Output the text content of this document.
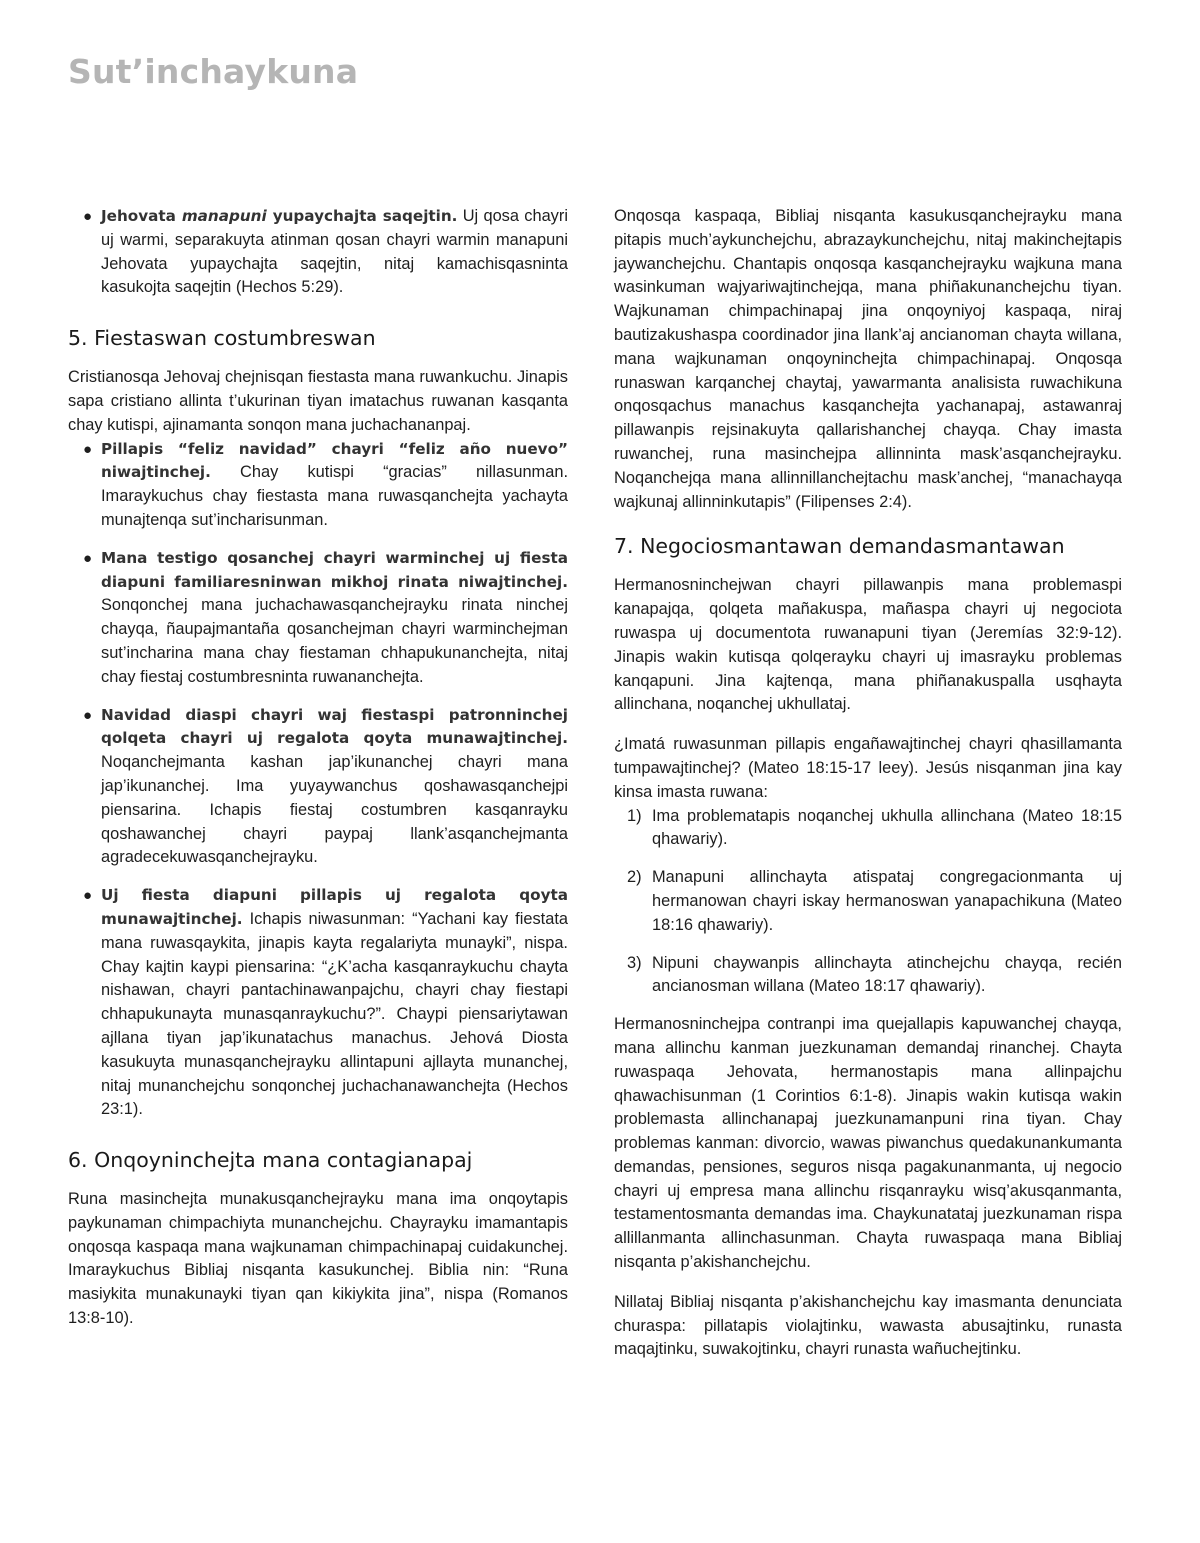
Sut’inchaykuna
● Jehovata manapuni yupaychajta saqejtin. Uj qosa chayri uj warmi, separakuyta atinman qosan chayri warmin manapuni Jehovata yupaychajta saqejtin, nitaj kamachisqasninta kasukojta saqejtin (Hechos 5:29).

5. Fiestaswan costumbreswan

Cristianosqa Jehovaj chejnisqan fiestasta mana ruwankuchu. Jinapis sapa cristiano allinta t’ukurinan tiyan imatachus ruwanan kasqanta chay kutispi, ajinamanta sonqon mana juchachananpaj.

● Pillapis “feliz navidad” chayri “feliz año nuevo” niwajtinchej. Chay kutispi “gracias” nillasunman. Imaraykuchus chay fiestasta mana ruwasqanchejta yachayta munajtenqa sut’incharisunman.

● Mana testigo qosanchej chayri warminchej uj fiesta diapuni familiaresninwan mikhoj rinata niwajtinchej. Sonqonchej mana juchachawasqanchejrayku rinata ninchej chayqa, ñaupajmantaña qosanchejman chayri warminchejman sut’incharina mana chay fiestaman chhapukunanchejta, nitaj chay fiestaj costumbresninta ruwananchejta.

● Navidad diaspi chayri waj fiestaspi patronninchej qolqeta chayri uj regalota qoyta munawajtinchej. Noqanchejmanta kashan jap’ikunanchej chayri mana jap’ikunanchej. Ima yuyaywanchus qoshawasqanchejpi piensarina. Ichapis fiestaj costumbren kasqanrayku qoshawanchej chayri paypaj llank’asqanchejmanta agradecekuwasqanchejrayku.

● Uj fiesta diapuni pillapis uj regalota qoyta munawajtinchej. Ichapis niwasunman: “Yachani kay fiestata mana ruwasqaykita, jinapis kayta regalariyta munayki”, nispa. Chay kajtin kaypi piensarina: “¿K’acha kasqanraykuchu chayta nishawan, chayri pantachinawanpajchu, chayri chay fiestapi chhapukunayta munasqanraykuchu?”. Chaypi piensariytawan ajllana tiyan jap’ikunatachus manachus. Jehová Diosta kasukuyta munasqanchejrayku allintapuni ajllayta munanchej, nitaj munanchejchu sonqonchej juchachanawanchejta (Hechos 23:1).

6. Onqoyninchejta mana contagianapaj

Runa masinchejta munakusqanchejrayku mana ima onqoytapis paykunaman chimpachiyta munanchejchu. Chayrayku imamantapis onqosqa kaspaqa mana wajkunaman chimpachinapaj cuidakunchej. Imaraykuchus Bibliaj nisqanta kasukunchej. Biblia nin: “Runa masiykita munakunayki tiyan qan kikiykita jina”, nispa (Romanos 13:8-10).

Onqosqa kaspaqa, Bibliaj nisqanta kasukusqanchejrayku mana pitapis much’aykunchejchu, abrazaykunchejchu, nitaj makinchejtapis jaywanchejchu. Chantapis onqosqa kasqanchejrayku wajkuna mana wasinkuman wajyariwajtinchejqa, mana phiñakunanchejchu tiyan. Wajkunaman chimpachinapaj jina onqoyniyoj kaspaqa, niraj bautizakushaspa coordinador jina llank’aj ancianoman chayta willana, mana wajkunaman onqoyninchejta chimpachinapaj. Onqosqa runaswan karqanchej chaytaj, yawarmanta analisista ruwachikuna onqosqachus manachus kasqanchejta yachanapaj, astawanraj pillawanpis rejsinakuyta qallarishanchej chayqa. Chay imasta ruwanchej, runa masinchejpa allinninta mask’asqanchejrayku. Noqanchejqa mana allinnillanchejtachu mask’anchej, “manachayqa wajkunaj allinninkutapis” (Filipenses 2:4).

7. Negociosmantawan demandasmantawan

Hermanosninchejwan chayri pillawanpis mana problemaspi kanapajqa, qolqeta mañakuspa, mañaspa chayri uj negociota ruwaspa uj documentota ruwanapuni tiyan (Jeremías 32:9-12). Jinapis wakin kutisqa qolqerayku chayri uj imasrayku problemas kanqapuni. Jina kajtenqa, mana phiñanakuspalla usqhayta allinchana, noqanchej ukhullataj.

¿Imatá ruwasunman pillapis engañawajtinchej chayri qhasillamanta tumpawajtinchej? (Mateo 18:15-17 leey). Jesús nisqanman jina kay kinsa imasta ruwana:

1) Ima problematapis noqanchej ukhulla allinchana (Mateo 18:15 qhawariy).

2) Manapuni allinchayta atispataj congregacionmanta uj hermanowan chayri iskay hermanoswan yanapachikuna (Mateo 18:16 qhawariy).

3) Nipuni chaywanpis allinchayta atinchejchu chayqa, recién ancianosman willana (Mateo 18:17 qhawariy).

Hermanosninchejpa contranpi ima quejallapis kapuwanchej chayqa, mana allinchu kanman juezkunaman demandaj rinanchej. Chayta ruwaspaqa Jehovata, hermanostapis mana allinpajchu qhawachisunman (1 Corintios 6:1-8). Jinapis wakin kutisqa wakin problemasta allinchanapaj juezkunamanpuni rina tiyan. Chay problemas kanman: divorcio, wawas piwanchus quedakunankumanta demandas, pensiones, seguros nisqa pagakunanmanta, uj negocio chayri uj empresa mana allinchu risqanrayku wisq’akusqanmanta, testamentosmanta demandas ima. Chaykunatataj juezkunaman rispa allillanmanta allinchasunman. Chayta ruwaspaqa mana Bibliaj nisqanta p’akishanchejchu.

Nillataj Bibliaj nisqanta p’akishanchejchu kay imasmanta denunciata churaspa: pillatapis violajtinku, wawasta abusajtinku, runasta maqajtinku, suwakojtinku, chayri runasta wañuchejtinku.
